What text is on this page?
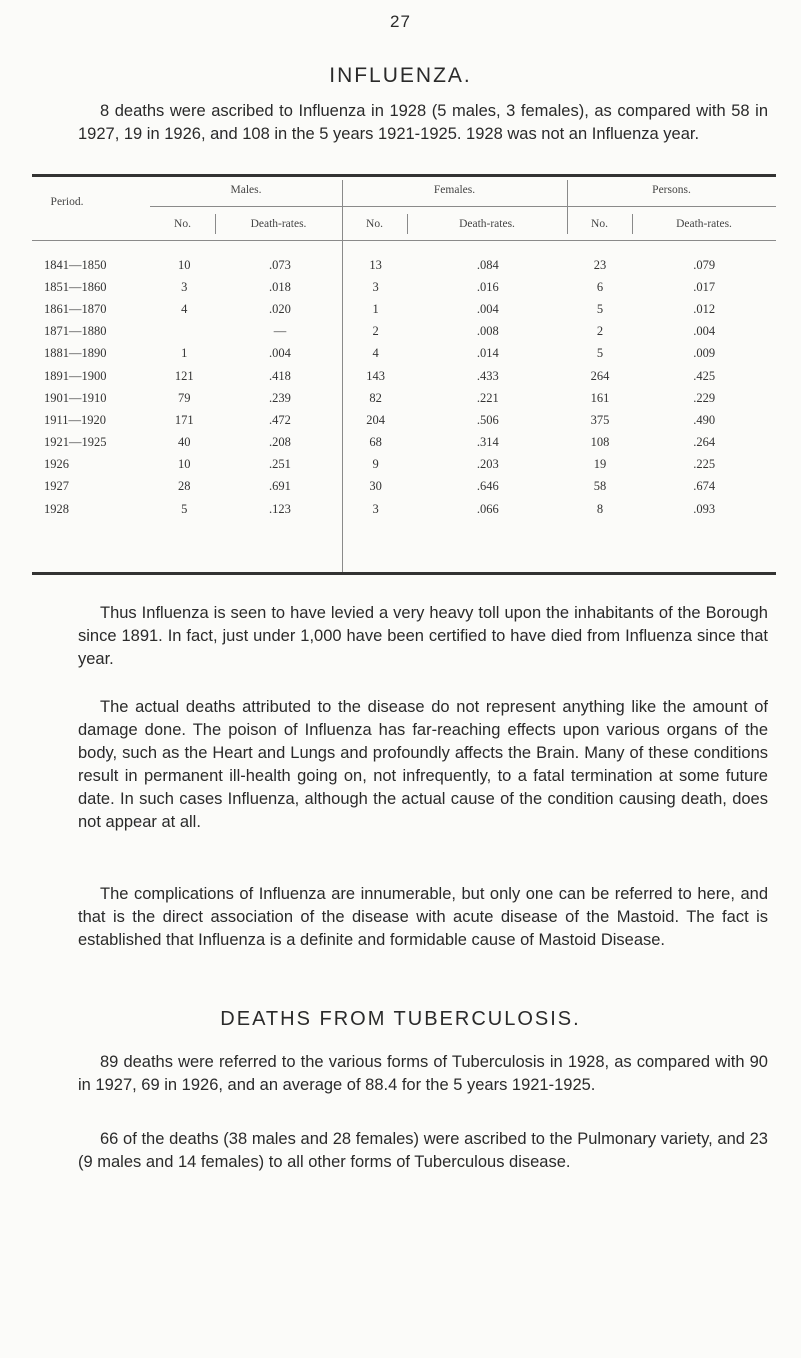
27
INFLUENZA.

8 deaths were ascribed to Influenza in 1928 (5 males, 3 females), as compared with 58 in 1927, 19 in 1926, and 108 in the 5 years 1921-1925. 1928 was not an Influenza year.

Period.
Males.	Females.	Persons.
No.	Death-rates.	No.	Death-rates.	No.	Death-rates.
1841—1850	10	.073	13	.084	23	.079
1851—1860	3	.018	3	.016	6	.017
1861—1870	4	.020	1	.004	5	.012
1871—1880		—	2	.008	2	.004
1881—1890	1	.004	4	.014	5	.009
1891—1900	121	.418	143	.433	264	.425
1901—1910	79	.239	82	.221	161	.229
1911—1920	171	.472	204	.506	375	.490
1921—1925	40	.208	68	.314	108	.264
1926	10	.251	9	.203	19	.225
1927	28	.691	30	.646	58	.674
1928	5	.123	3	.066	8	.093

Thus Influenza is seen to have levied a very heavy toll upon the inhabitants of the Borough since 1891. In fact, just under 1,000 have been certified to have died from Influenza since that year.

The actual deaths attributed to the disease do not represent anything like the amount of damage done. The poison of Influenza has far-reaching effects upon various organs of the body, such as the Heart and Lungs and profoundly affects the Brain. Many of these conditions result in permanent ill-health going on, not infrequently, to a fatal termination at some future date. In such cases Influenza, although the actual cause of the condition causing death, does not appear at all.

The complications of Influenza are innumerable, but only one can be referred to here, and that is the direct association of the disease with acute disease of the Mastoid. The fact is established that Influenza is a definite and formidable cause of Mastoid Disease.

DEATHS FROM TUBERCULOSIS.

89 deaths were referred to the various forms of Tuberculosis in 1928, as compared with 90 in 1927, 69 in 1926, and an average of 88.4 for the 5 years 1921-1925.

66 of the deaths (38 males and 28 females) were ascribed to the Pulmonary variety, and 23 (9 males and 14 females) to all other forms of Tuberculous disease.
